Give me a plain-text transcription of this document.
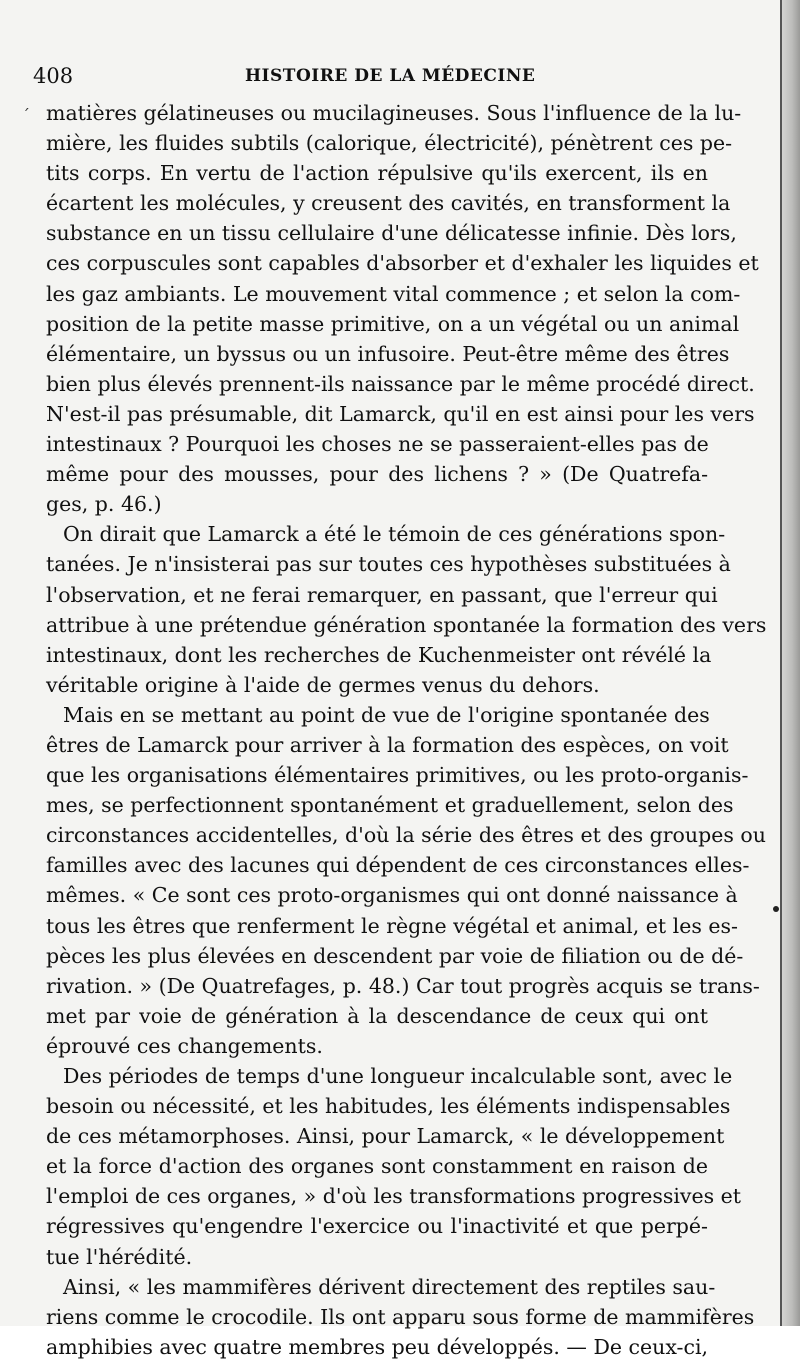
408	HISTOIRE DE LA MÉDECINE
ˊ matières gélatineuses ou mucilagineuses. Sous l'influence de la lu-
mière, les fluides subtils (calorique, électricité), pénètrent ces pe-
tits corps. En vertu de l'action répulsive qu'ils exercent, ils en
écartent les molécules, y creusent des cavités, en transforment la
substance en un tissu cellulaire d'une délicatesse infinie. Dès lors,
ces corpuscules sont capables d'absorber et d'exhaler les liquides et
les gaz ambiants. Le mouvement vital commence ; et selon la com-
position de la petite masse primitive, on a un végétal ou un animal
élémentaire, un byssus ou un infusoire. Peut-être même des êtres
bien plus élevés prennent-ils naissance par le même procédé direct.
N'est-il pas présumable, dit Lamarck, qu'il en est ainsi pour les vers
intestinaux ? Pourquoi les choses ne se passeraient-elles pas de
même pour des mousses, pour des lichens ? » (De Quatrefa-
ges, p. 46.)
On dirait que Lamarck a été le témoin de ces générations spon-
tanées. Je n'insisterai pas sur toutes ces hypothèses substituées à
l'observation, et ne ferai remarquer, en passant, que l'erreur qui
attribue à une prétendue génération spontanée la formation des vers
intestinaux, dont les recherches de Kuchenmeister ont révélé la
véritable origine à l'aide de germes venus du dehors.
Mais en se mettant au point de vue de l'origine spontanée des
êtres de Lamarck pour arriver à la formation des espèces, on voit
que les organisations élémentaires primitives, ou les proto-organis-
mes, se perfectionnent spontanément et graduellement, selon des
circonstances accidentelles, d'où la série des êtres et des groupes ou
familles avec des lacunes qui dépendent de ces circonstances elles-
mêmes. « Ce sont ces proto-organismes qui ont donné naissance à
tous les êtres que renferment le règne végétal et animal, et les es-
pèces les plus élevées en descendent par voie de filiation ou de dé-
rivation. » (De Quatrefages, p. 48.) Car tout progrès acquis se trans-
met par voie de génération à la descendance de ceux qui ont
éprouvé ces changements.
Des périodes de temps d'une longueur incalculable sont, avec le
besoin ou nécessité, et les habitudes, les éléments indispensables
de ces métamorphoses. Ainsi, pour Lamarck, « le développement
et la force d'action des organes sont constamment en raison de
l'emploi de ces organes, » d'où les transformations progressives et
régressives qu'engendre l'exercice ou l'inactivité et que perpé-
tue l'hérédité.
Ainsi, « les mammifères dérivent directement des reptiles sau-
riens comme le crocodile. Ils ont apparu sous forme de mammifères
amphibies avec quatre membres peu développés. — De ceux-ci,
